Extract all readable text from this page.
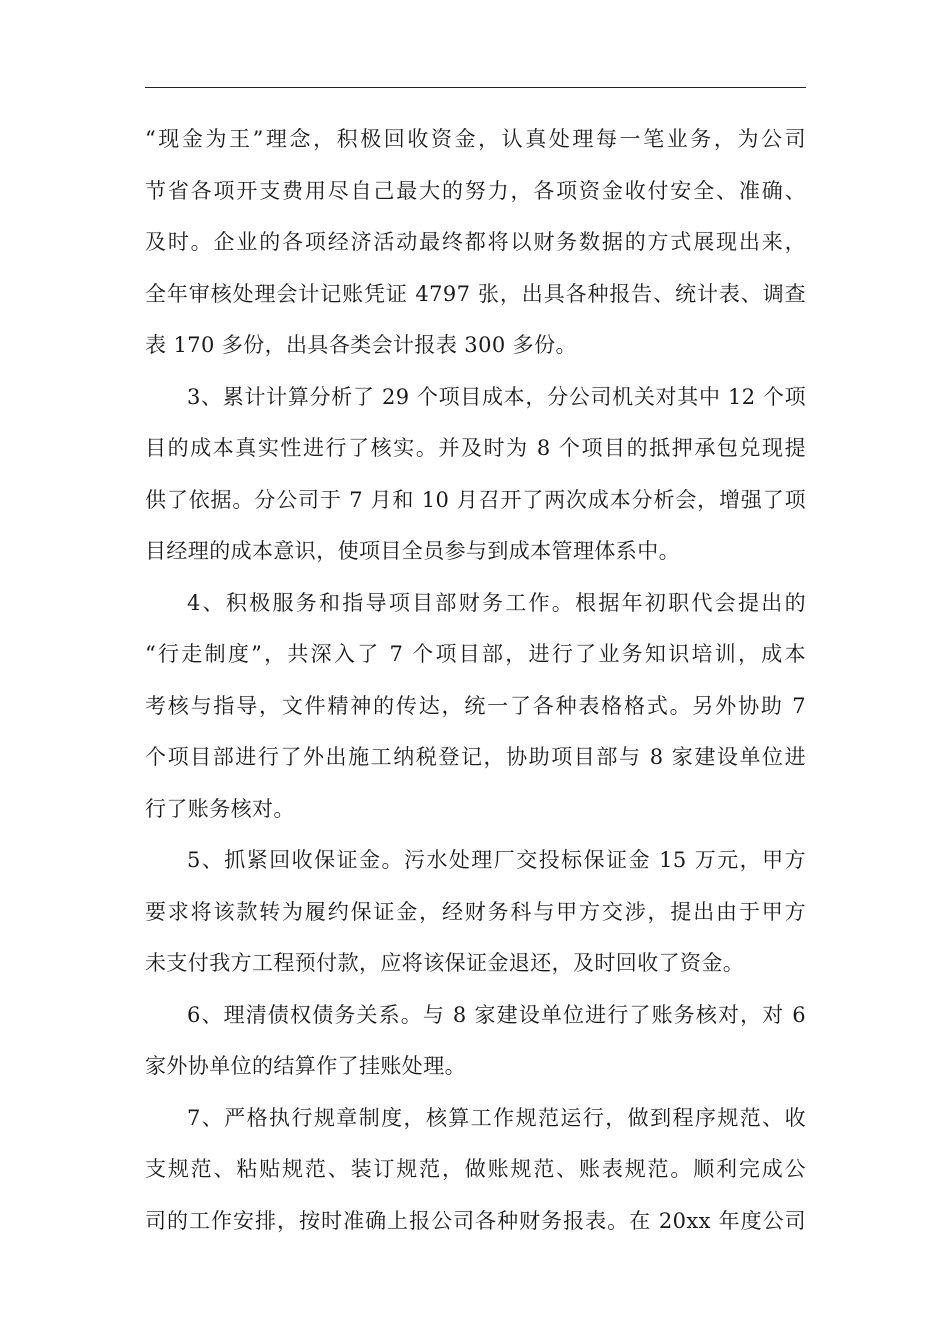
“现金为王”理念，积极回收资金，认真处理每一笔业务，为公司
节省各项开支费用尽自己最大的努力，各项资金收付安全、准确、
及时。企业的各项经济活动最终都将以财务数据的方式展现出来，
全年审核处理会计记账凭证 4797 张，出具各种报告、统计表、调查
表 170 多份，出具各类会计报表 300 多份。
3、累计计算分析了 29 个项目成本，分公司机关对其中 12 个项
目的成本真实性进行了核实。并及时为 8 个项目的抵押承包兑现提
供了依据。分公司于 7 月和 10 月召开了两次成本分析会，增强了项
目经理的成本意识，使项目全员参与到成本管理体系中。
4、积极服务和指导项目部财务工作。根据年初职代会提出的
“行走制度”，共深入了 7 个项目部，进行了业务知识培训，成本
考核与指导，文件精神的传达，统一了各种表格格式。另外协助 7
个项目部进行了外出施工纳税登记，协助项目部与 8 家建设单位进
行了账务核对。
5、抓紧回收保证金。污水处理厂交投标保证金 15 万元，甲方
要求将该款转为履约保证金，经财务科与甲方交涉，提出由于甲方
未支付我方工程预付款，应将该保证金退还，及时回收了资金。
6、理清债权债务关系。与 8 家建设单位进行了账务核对，对 6
家外协单位的结算作了挂账处理。
7、严格执行规章制度，核算工作规范运行，做到程序规范、收
支规范、粘贴规范、装订规范，做账规范、账表规范。顺利完成公
司的工作安排，按时准确上报公司各种财务报表。在 20xx 年度公司
